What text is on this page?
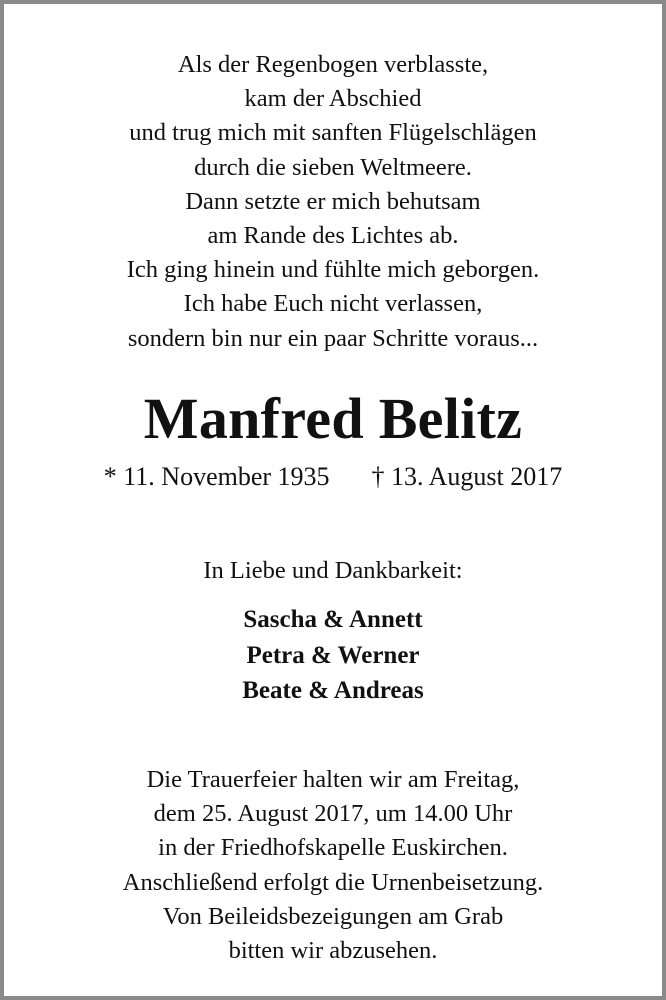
Als der Regenbogen verblasste,
kam der Abschied
und trug mich mit sanften Flügelschlägen
durch die sieben Weltmeere.
Dann setzte er mich behutsam
am Rande des Lichtes ab.
Ich ging hinein und fühlte mich geborgen.
Ich habe Euch nicht verlassen,
sondern bin nur ein paar Schritte voraus...
Manfred Belitz
* 11. November 1935 † 13. August 2017
In Liebe und Dankbarkeit:
Sascha & Annett
Petra & Werner
Beate & Andreas
Die Trauerfeier halten wir am Freitag,
dem 25. August 2017, um 14.00 Uhr
in der Friedhofskapelle Euskirchen.
Anschließend erfolgt die Urnenbeisetzung.
Von Beileidsbezeigungen am Grab
bitten wir abzusehen.
